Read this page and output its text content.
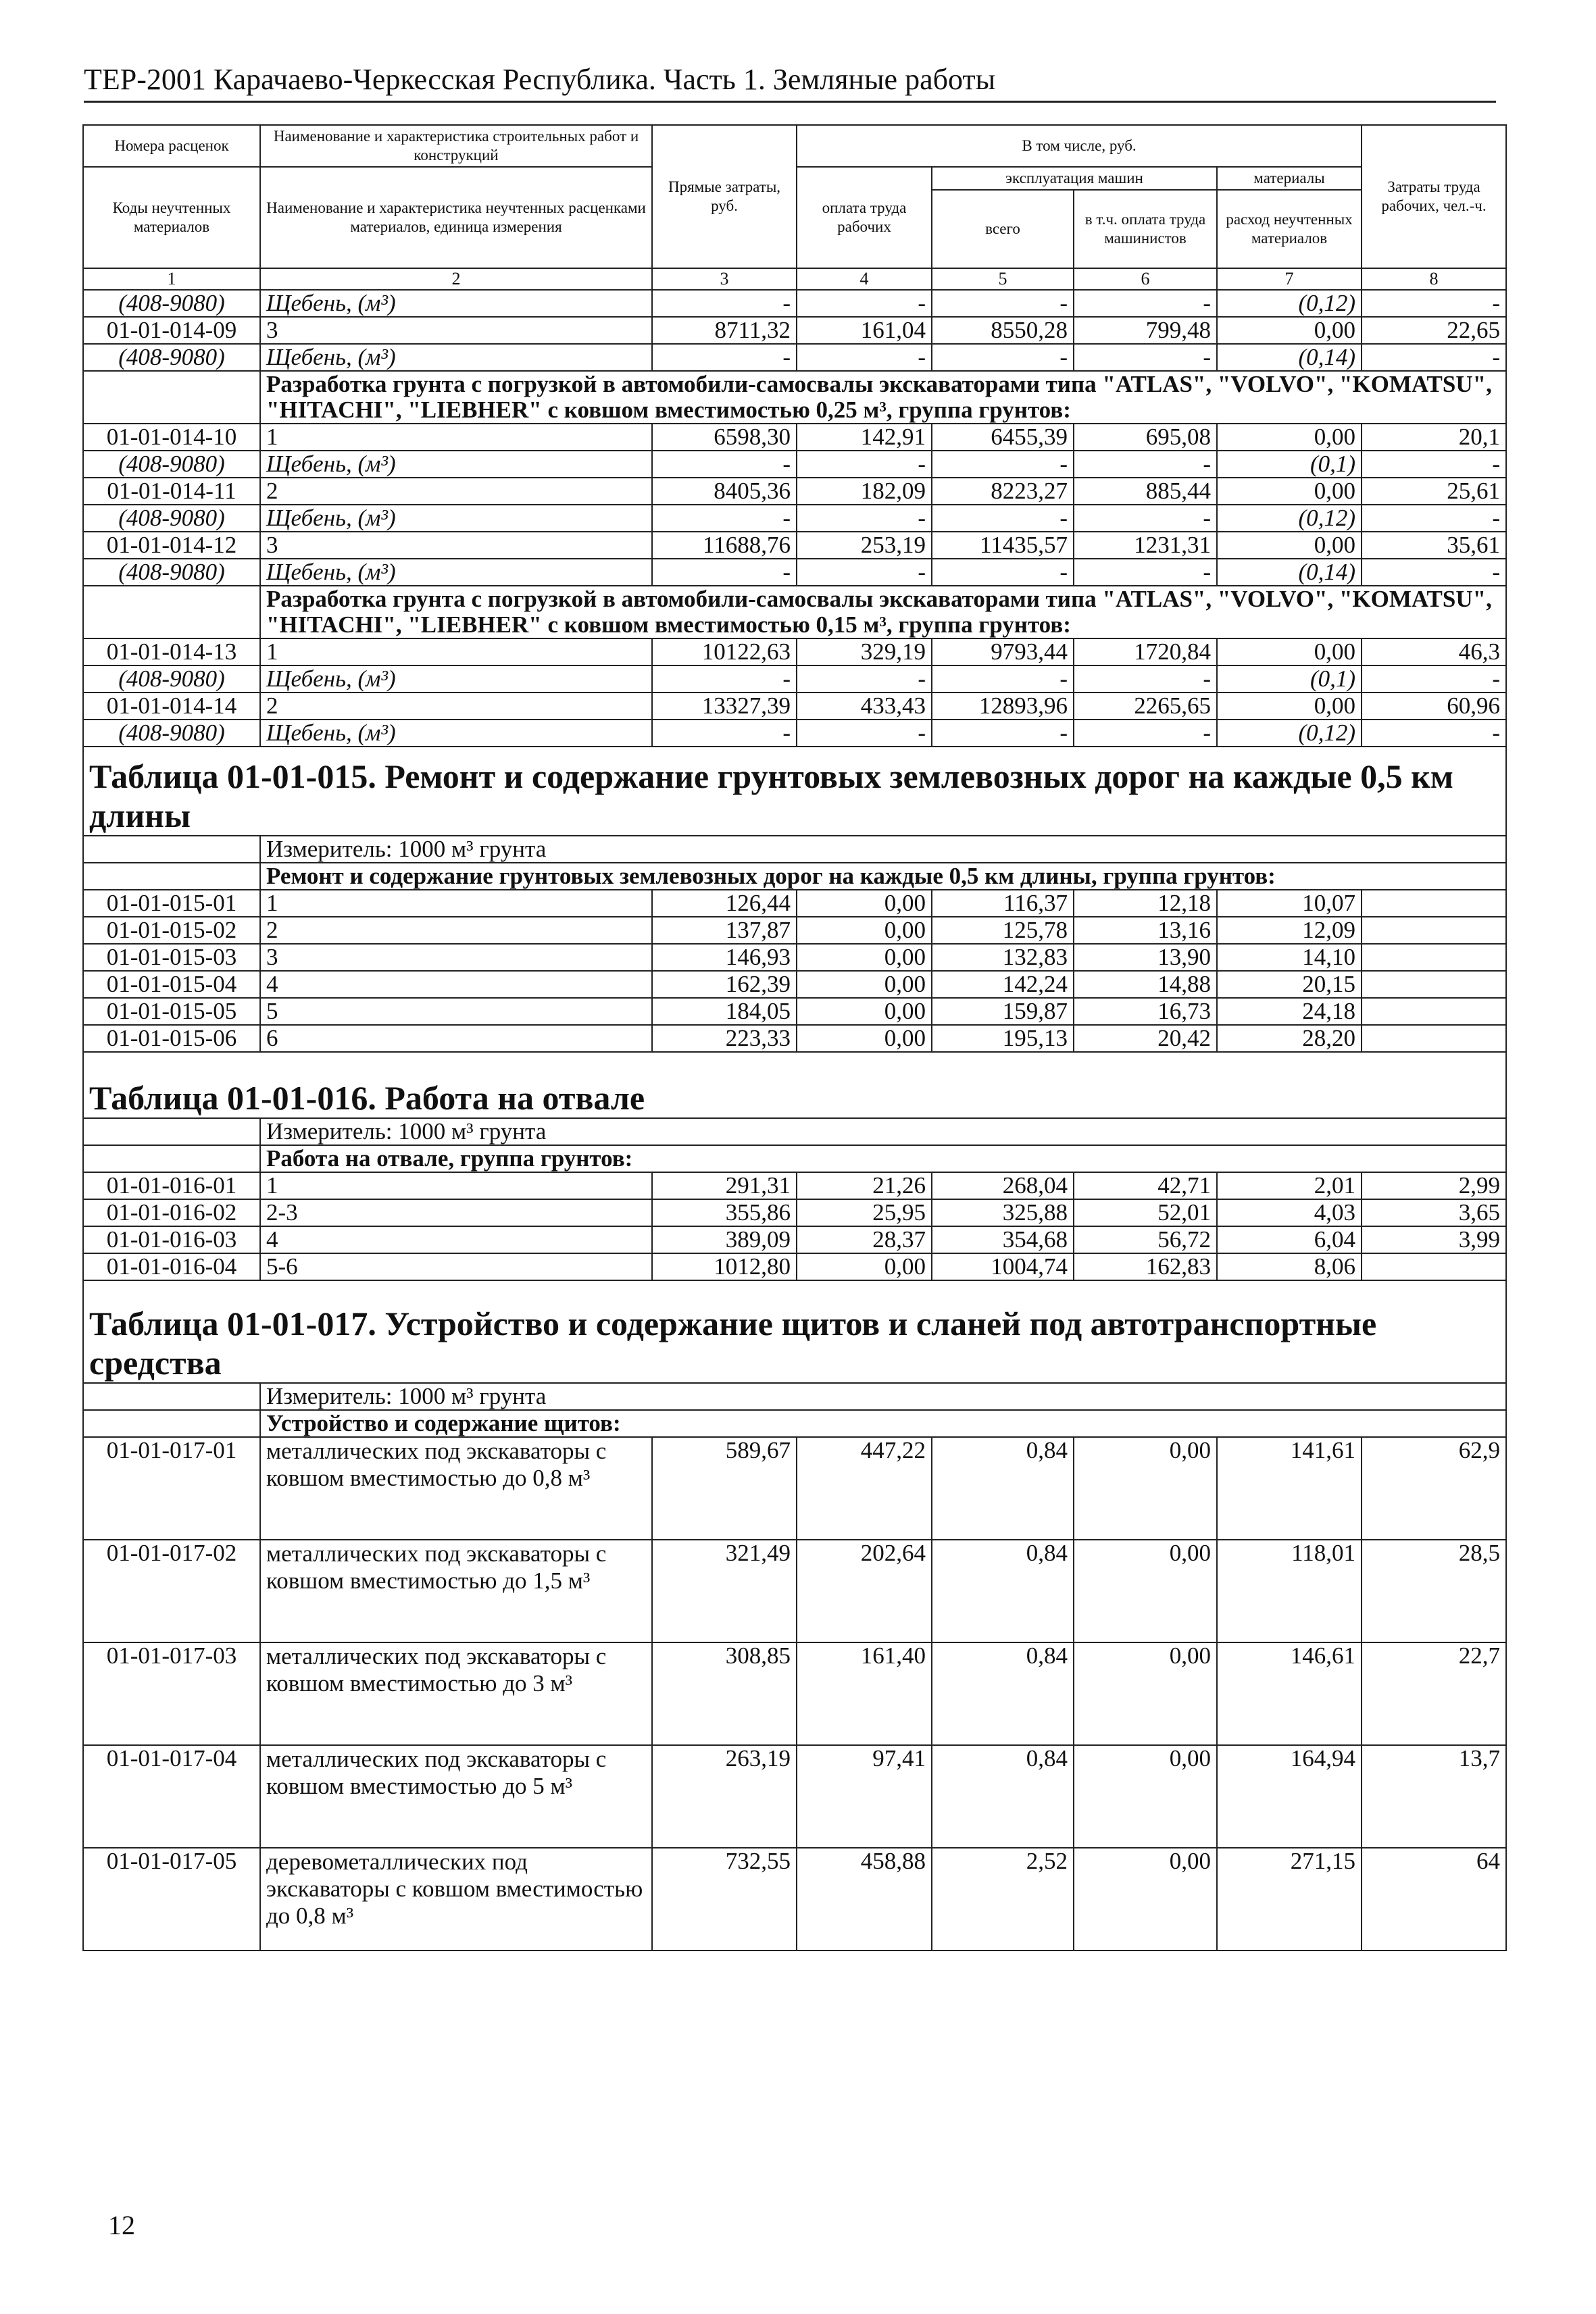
ТЕР-2001 Карачаево-Черкесская Республика. Часть 1. Земляные работы
Номера расценок	Наименование и характеристика строительных работ и конструкций	Прямые затраты, руб.	В том числе, руб.				Затраты труда рабочих, чел.-ч.
Коды неучтенных материалов	Наименование и характеристика неучтенных расценками материалов, единица измерения		оплата труда рабочих	эксплуатация машин		материалы	
				всего	в т.ч. оплата труда машинистов	расход неучтенных материалов	
1	2	3	4	5	6	7	8
(408-9080)	Щебень, (м³)	-	-	-	-	(0,12)	-
01-01-014-09	3	8711,32	161,04	8550,28	799,48	0,00	22,65
(408-9080)	Щебень, (м³)	-	-	-	-	(0,14)	-
	Разработка грунта с погрузкой в автомобили-самосвалы экскаваторами типа "ATLAS", "VOLVO", "KOMATSU", "HITACHI", "LIEBHER" с ковшом вместимостью 0,25 м³, группа грунтов:						
01-01-014-10	1	6598,30	142,91	6455,39	695,08	0,00	20,1
(408-9080)	Щебень, (м³)	-	-	-	-	(0,1)	-
01-01-014-11	2	8405,36	182,09	8223,27	885,44	0,00	25,61
(408-9080)	Щебень, (м³)	-	-	-	-	(0,12)	-
01-01-014-12	3	11688,76	253,19	11435,57	1231,31	0,00	35,61
(408-9080)	Щебень, (м³)	-	-	-	-	(0,14)	-
	Разработка грунта с погрузкой в автомобили-самосвалы экскаваторами типа "ATLAS", "VOLVO", "KOMATSU", "HITACHI", "LIEBHER" с ковшом вместимостью 0,15 м³, группа грунтов:						
01-01-014-13	1	10122,63	329,19	9793,44	1720,84	0,00	46,3
(408-9080)	Щебень, (м³)	-	-	-	-	(0,1)	-
01-01-014-14	2	13327,39	433,43	12893,96	2265,65	0,00	60,96
(408-9080)	Щебень, (м³)	-	-	-	-	(0,12)	-
Таблица 01-01-015. Ремонт и содержание грунтовых землевозных дорог на каждые 0,5 км длины							
	Измеритель: 1000 м³ грунта						
	Ремонт и содержание грунтовых землевозных дорог на каждые 0,5 км длины, группа грунтов:						
01-01-015-01	1	126,44	0,00	116,37	12,18	10,07	
01-01-015-02	2	137,87	0,00	125,78	13,16	12,09	
01-01-015-03	3	146,93	0,00	132,83	13,90	14,10	
01-01-015-04	4	162,39	0,00	142,24	14,88	20,15	
01-01-015-05	5	184,05	0,00	159,87	16,73	24,18	
01-01-015-06	6	223,33	0,00	195,13	20,42	28,20	
Таблица 01-01-016. Работа на отвале							
	Измеритель: 1000 м³ грунта						
	Работа на отвале, группа грунтов:						
01-01-016-01	1	291,31	21,26	268,04	42,71	2,01	2,99
01-01-016-02	2-3	355,86	25,95	325,88	52,01	4,03	3,65
01-01-016-03	4	389,09	28,37	354,68	56,72	6,04	3,99
01-01-016-04	5-6	1012,80	0,00	1004,74	162,83	8,06	
Таблица 01-01-017. Устройство и содержание щитов и сланей под автотранспортные средства							
	Измеритель: 1000 м³ грунта						
	Устройство и содержание щитов:						
01-01-017-01	металлических под экскаваторы с ковшом вместимостью до 0,8 м³	589,67	447,22	0,84	0,00	141,61	62,9
01-01-017-02	металлических под экскаваторы с ковшом вместимостью до 1,5 м³	321,49	202,64	0,84	0,00	118,01	28,5
01-01-017-03	металлических под экскаваторы с ковшом вместимостью до 3 м³	308,85	161,40	0,84	0,00	146,61	22,7
01-01-017-04	металлических под экскаваторы с ковшом вместимостью до 5 м³	263,19	97,41	0,84	0,00	164,94	13,7
01-01-017-05	деревометаллических под экскаваторы с ковшом вместимостью до 0,8 м³	732,55	458,88	2,52	0,00	271,15	64
12
